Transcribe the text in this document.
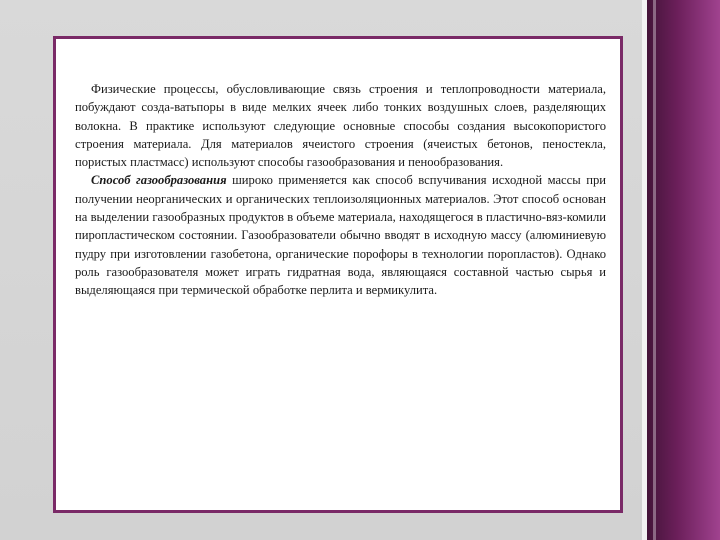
Физические процессы, обусловливающие связь строения и теплопроводности материала, побуждают созда-ватьпоры в виде мелких ячеек либо тонких воздушных слоев, разделяющих волокна. В практике используют следующие основные способы создания высокопористого строения материала. Для материалов ячеистого строения (ячеистых бетонов, пеностекла, пористых пластмасс) используют способы газообразования и пенообразования.

Способ газообразования широко применяется как способ вспучивания исходной массы при получении неорганических и органических теплоизоляционных материалов. Этот способ основан на выделении газообразных продуктов в объеме материала, находящегося в пластично-вяз-комили пиропластическом состоянии. Газообразователи обычно вводят в исходную массу (алюминиевую пудру при изготовлении газобетона, органические порофоры в технологии поропластов). Однако роль газообразователя может играть гидратная вода, являющаяся составной частью сырья и выделяющаяся при термической обработке перлита и вермикулита.
